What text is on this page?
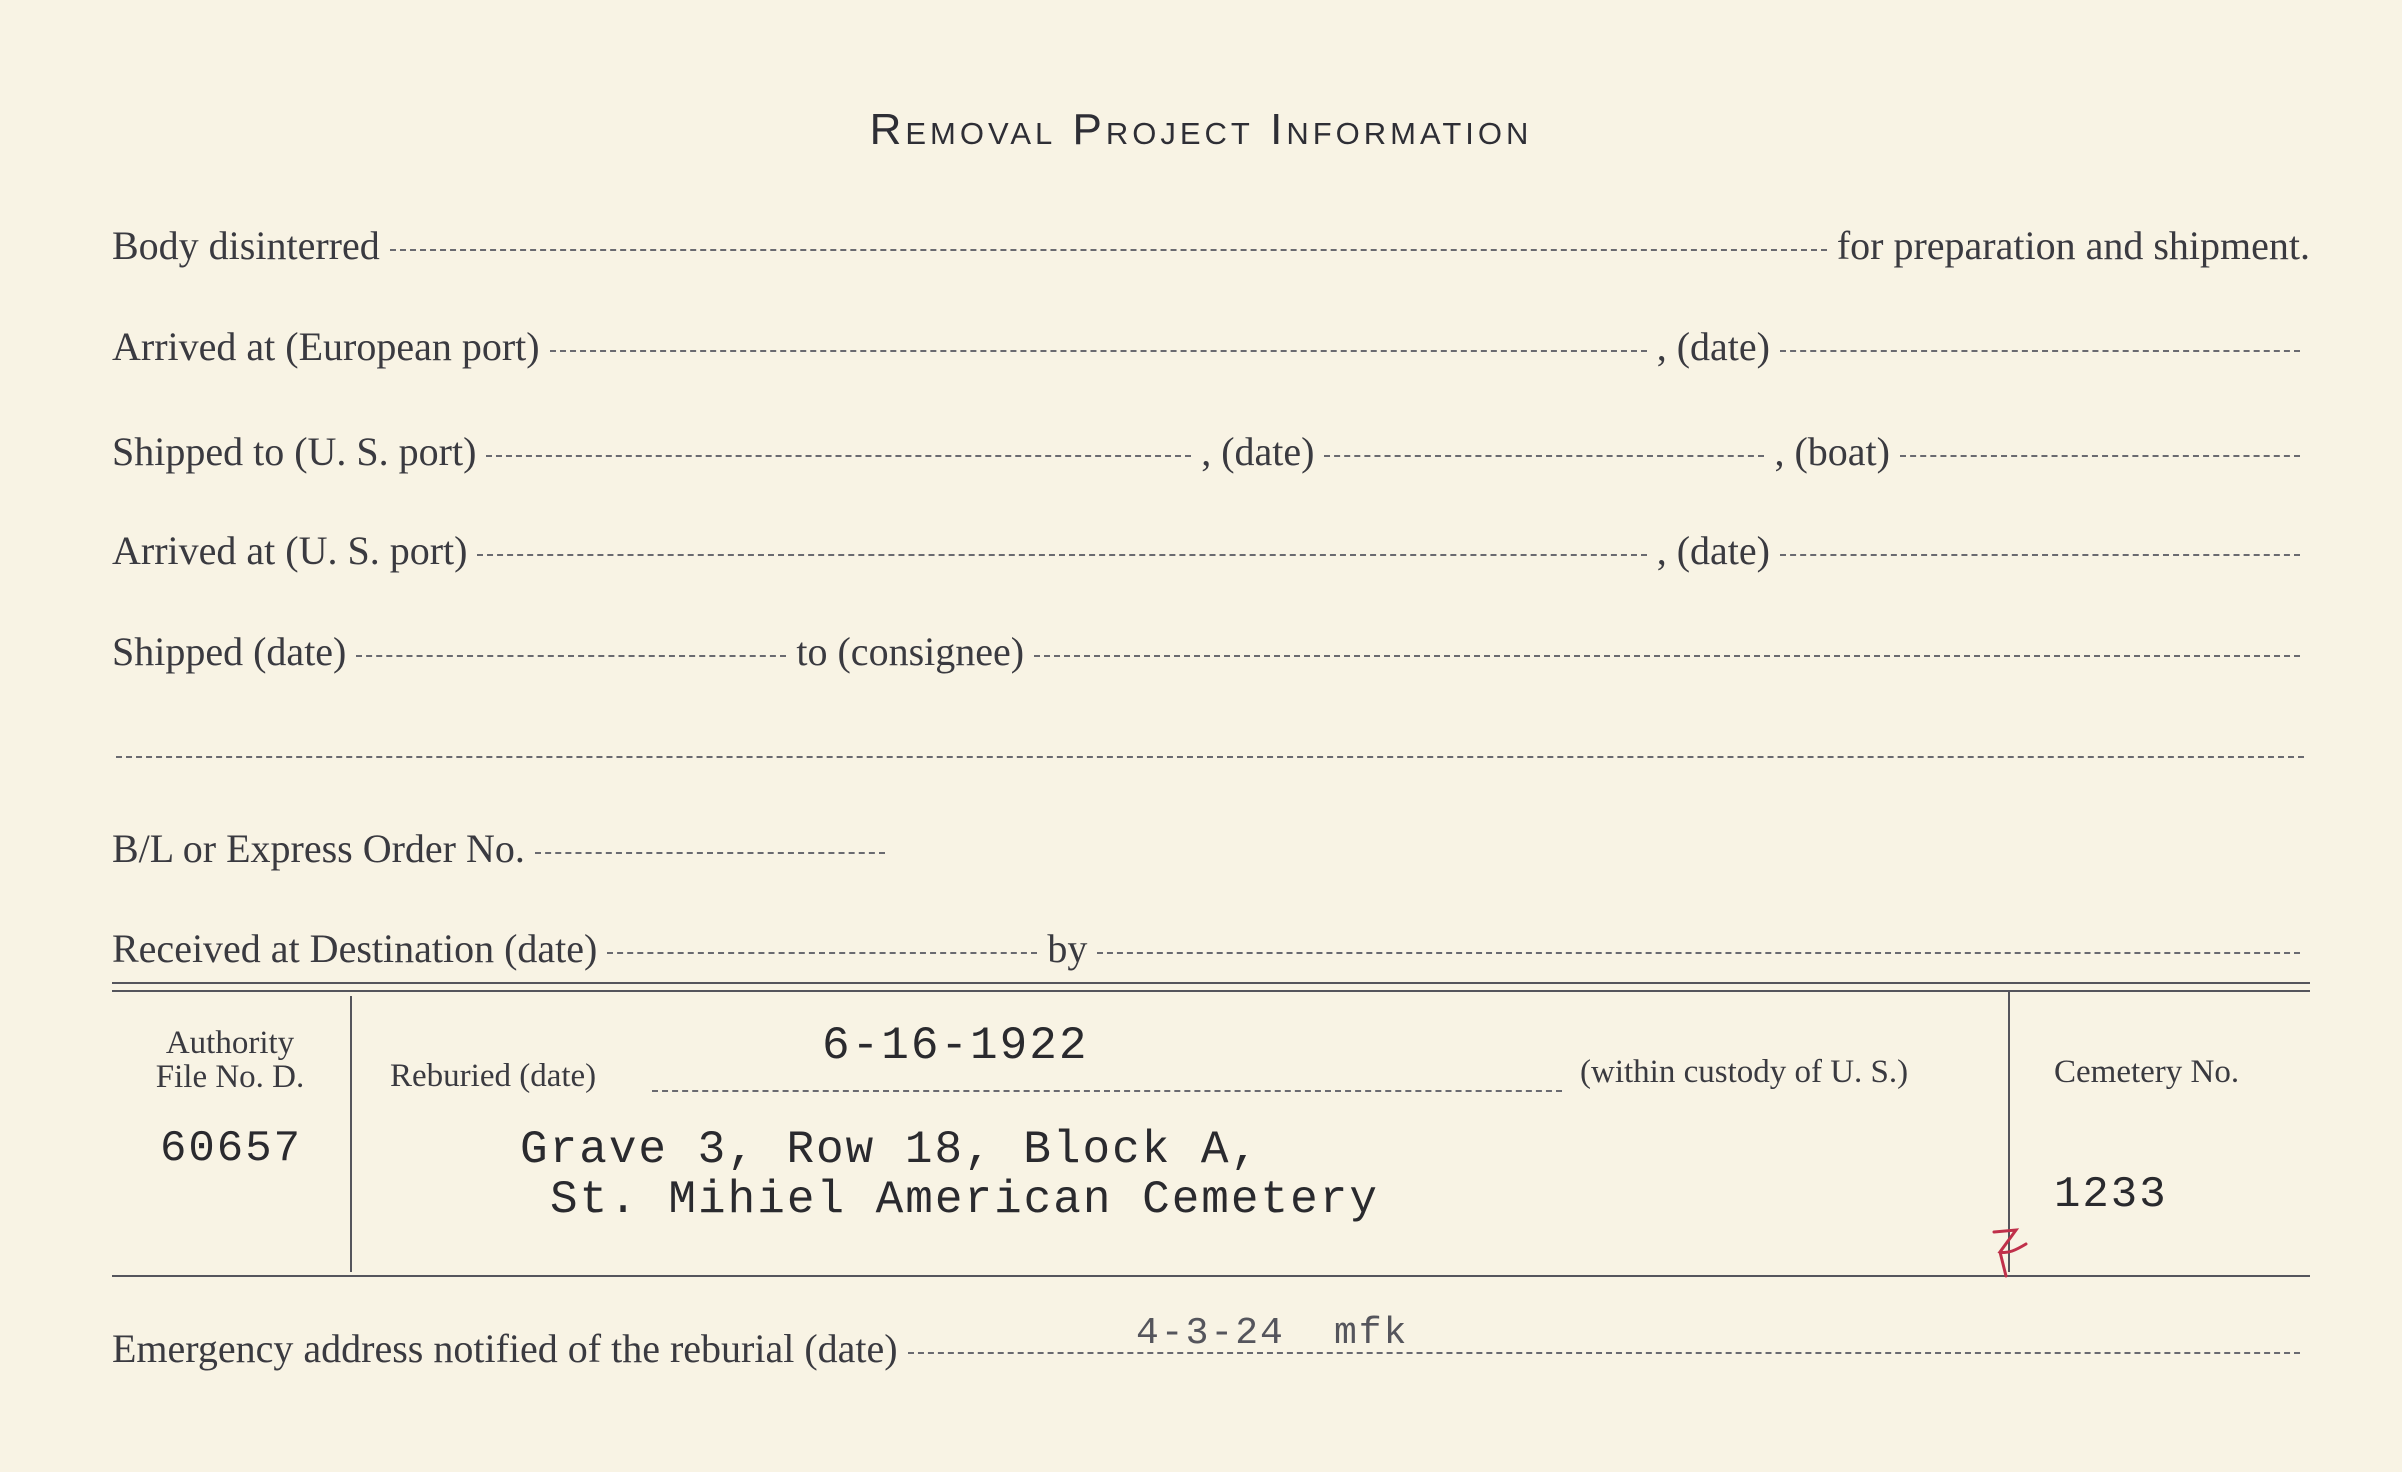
Removal Project Information
Body disinterred	for preparation and shipment.
Arrived at (European port)	, (date)
Shipped to (U. S. port)	, (date)	, (boat)
Arrived at (U. S. port)	, (date)
Shipped (date)	to (consignee)
B/L or Express Order No.
Received at Destination (date)	by
Authority
File No. D.
60657
Reburied (date)
6-16-1922	(within custody of U. S.)
Grave 3, Row 18, Block A,
St. Mihiel American Cemetery
Cemetery No.
1233
Emergency address notified of the reburial (date)	4-3-24 mfk
